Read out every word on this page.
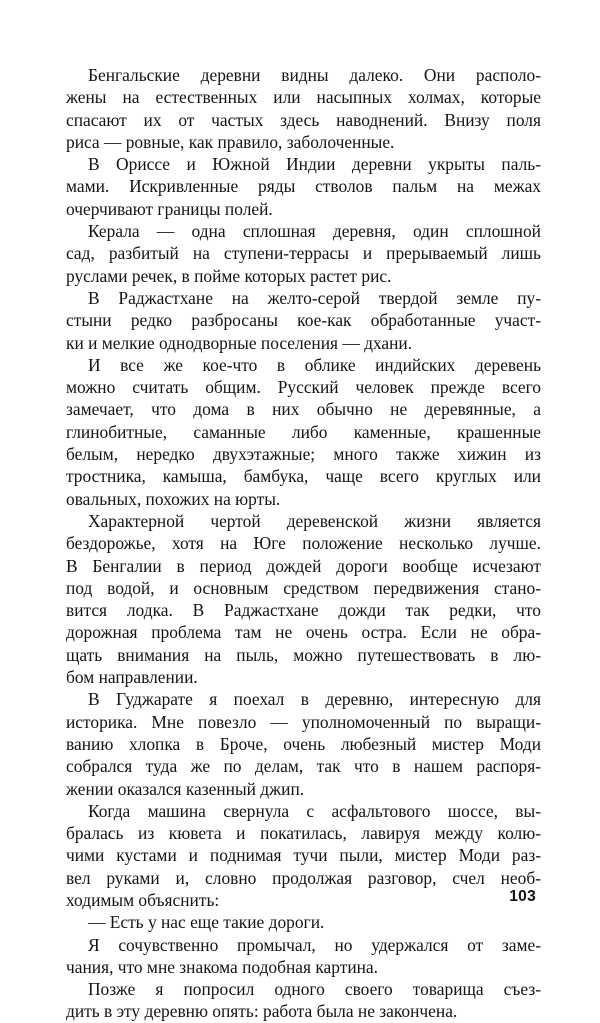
Бенгальские деревни видны далеко. Они располо-
жены на естественных или насыпных холмах, которые
спасают их от частых здесь наводнений. Внизу поля
риса — ровные, как правило, заболоченные.
В Ориссе и Южной Индии деревни укрыты паль-
мами. Искривленные ряды стволов пальм на межах
очерчивают границы полей.
Керала — одна сплошная деревня, один сплошной
сад, разбитый на ступени-террасы и прерываемый лишь
руслами речек, в пойме которых растет рис.
В Раджастхане на желто-серой твердой земле пу-
стыни редко разбросаны кое-как обработанные участ-
ки и мелкие однодворные поселения — дхани.
И все же кое-что в облике индийских деревень
можно считать общим. Русский человек прежде всего
замечает, что дома в них обычно не деревянные, а
глинобитные, саманные либо каменные, крашенные
белым, нередко двухэтажные; много также хижин из
тростника, камыша, бамбука, чаще всего круглых или
овальных, похожих на юрты.
Характерной чертой деревенской жизни является
бездорожье, хотя на Юге положение несколько лучше.
В Бенгалии в период дождей дороги вообще исчезают
под водой, и основным средством передвижения стано-
вится лодка. В Раджастхане дожди так редки, что
дорожная проблема там не очень остра. Если не обра-
щать внимания на пыль, можно путешествовать в лю-
бом направлении.
В Гуджарате я поехал в деревню, интересную для
историка. Мне повезло — уполномоченный по выращи-
ванию хлопка в Брочe, очень любезный мистер Моди
собрался туда же по делам, так что в нашем распоря-
жении оказался казенный джип.
Когда машина свернула с асфальтового шоссе, вы-
бралась из кювета и покатилась, лавируя между колю-
чими кустами и поднимая тучи пыли, мистер Моди раз-
вел руками и, словно продолжая разговор, счел необ-
ходимым объяснить:
— Есть у нас еще такие дороги.
Я сочувственно промычал, но удержался от заме-
чания, что мне знакома подобная картина.
Позже я попросил одного своего товарища съез-
дить в эту деревню опять: работа была не закончена.
103
